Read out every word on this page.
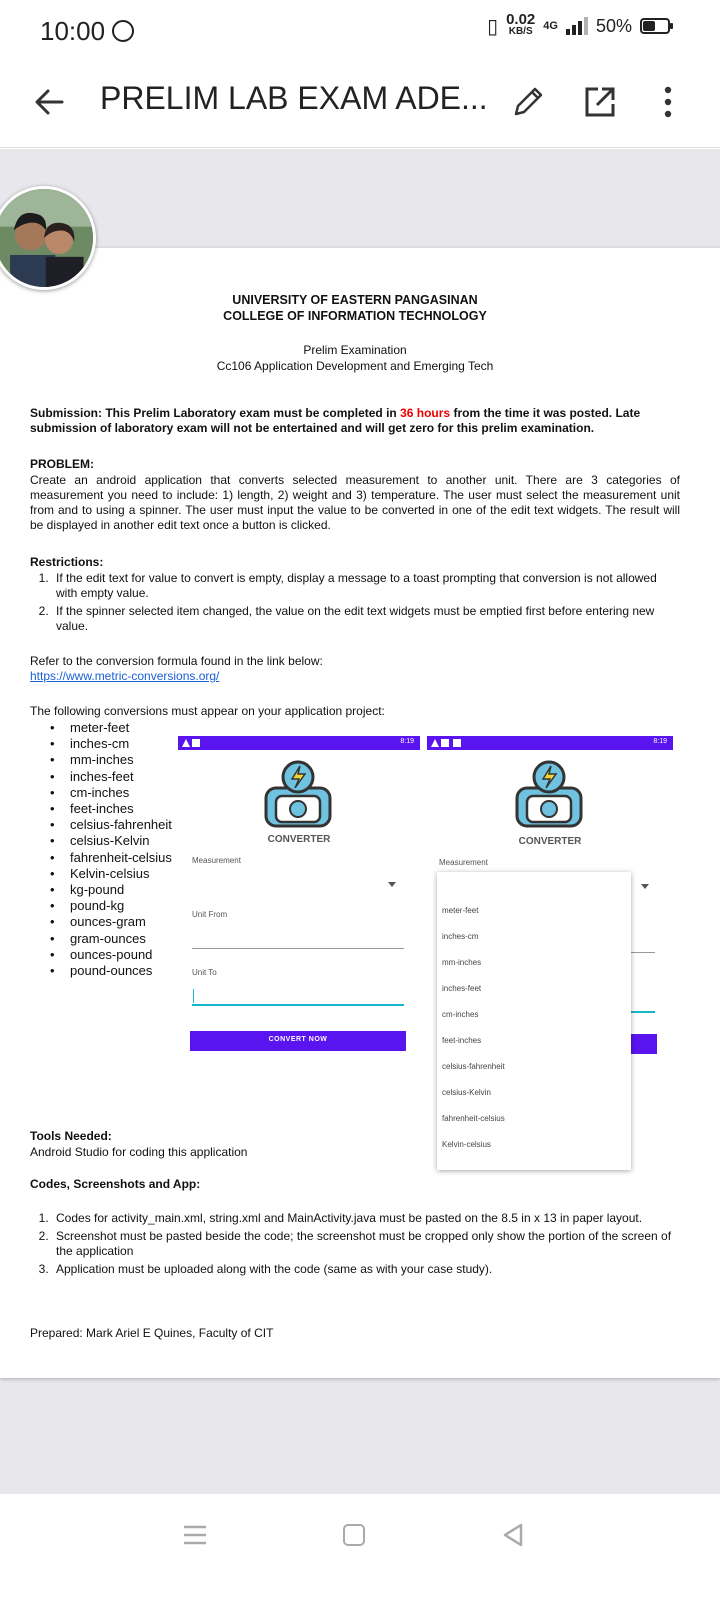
10:00	▯ 0.02
KB/S 4G 50%
PRELIM LAB EXAM ADE...
UNIVERSITY OF EASTERN PANGASINAN
COLLEGE OF INFORMATION TECHNOLOGY
Prelim Examination
Cc106 Application Development and Emerging Tech
Submission: This Prelim Laboratory exam must be completed in 36 hours from the time it was posted. Late submission of laboratory exam will not be entertained and will get zero for this prelim examination.
PROBLEM:
Create an android application that converts selected measurement to another unit. There are 3 categories of measurement you need to include: 1) length, 2) weight and 3) temperature. The user must select the measurement unit from and to using a spinner. The user must input the value to be converted in one of the edit text widgets. The result will be displayed in another edit text once a button is clicked.
Restrictions:
1. If the edit text for value to convert is empty, display a message to a toast prompting that conversion is not allowed with empty value.
2. If the spinner selected item changed, the value on the edit text widgets must be emptied first before entering new value.
Refer to the conversion formula found in the link below:
https://www.metric-conversions.org/
The following conversions must appear on your application project:
• meter-feet
• inches-cm
• mm-inches
• inches-feet
• cm-inches
• feet-inches
• celsius-fahrenheit
• celsius-Kelvin
• fahrenheit-celsius
• Kelvin-celsius
• kg-pound
• pound-kg
• ounces-gram
• gram-ounces
• ounces-pound
• pound-ounces
Tools Needed:
Android Studio for coding this application
Codes, Screenshots and App:
1. Codes for activity_main.xml, string.xml and MainActivity.java must be pasted on the 8.5 in x 13 in paper layout.
2. Screenshot must be pasted beside the code; the screenshot must be cropped only show the portion of the screen of the application
3. Application must be uploaded along with the code (same as with your case study).
Prepared: Mark Ariel E Quines, Faculty of CIT
8:19
CONVERTER
Measurement
Unit From
Unit To
CONVERT NOW
8:19
CONVERTER
Measurement
meter-feet
inches-cm
mm-inches
inches-feet
cm-inches
feet-inches
celsius-fahrenheit
celsius-Kelvin
fahrenheit-celsius
Kelvin-celsius
